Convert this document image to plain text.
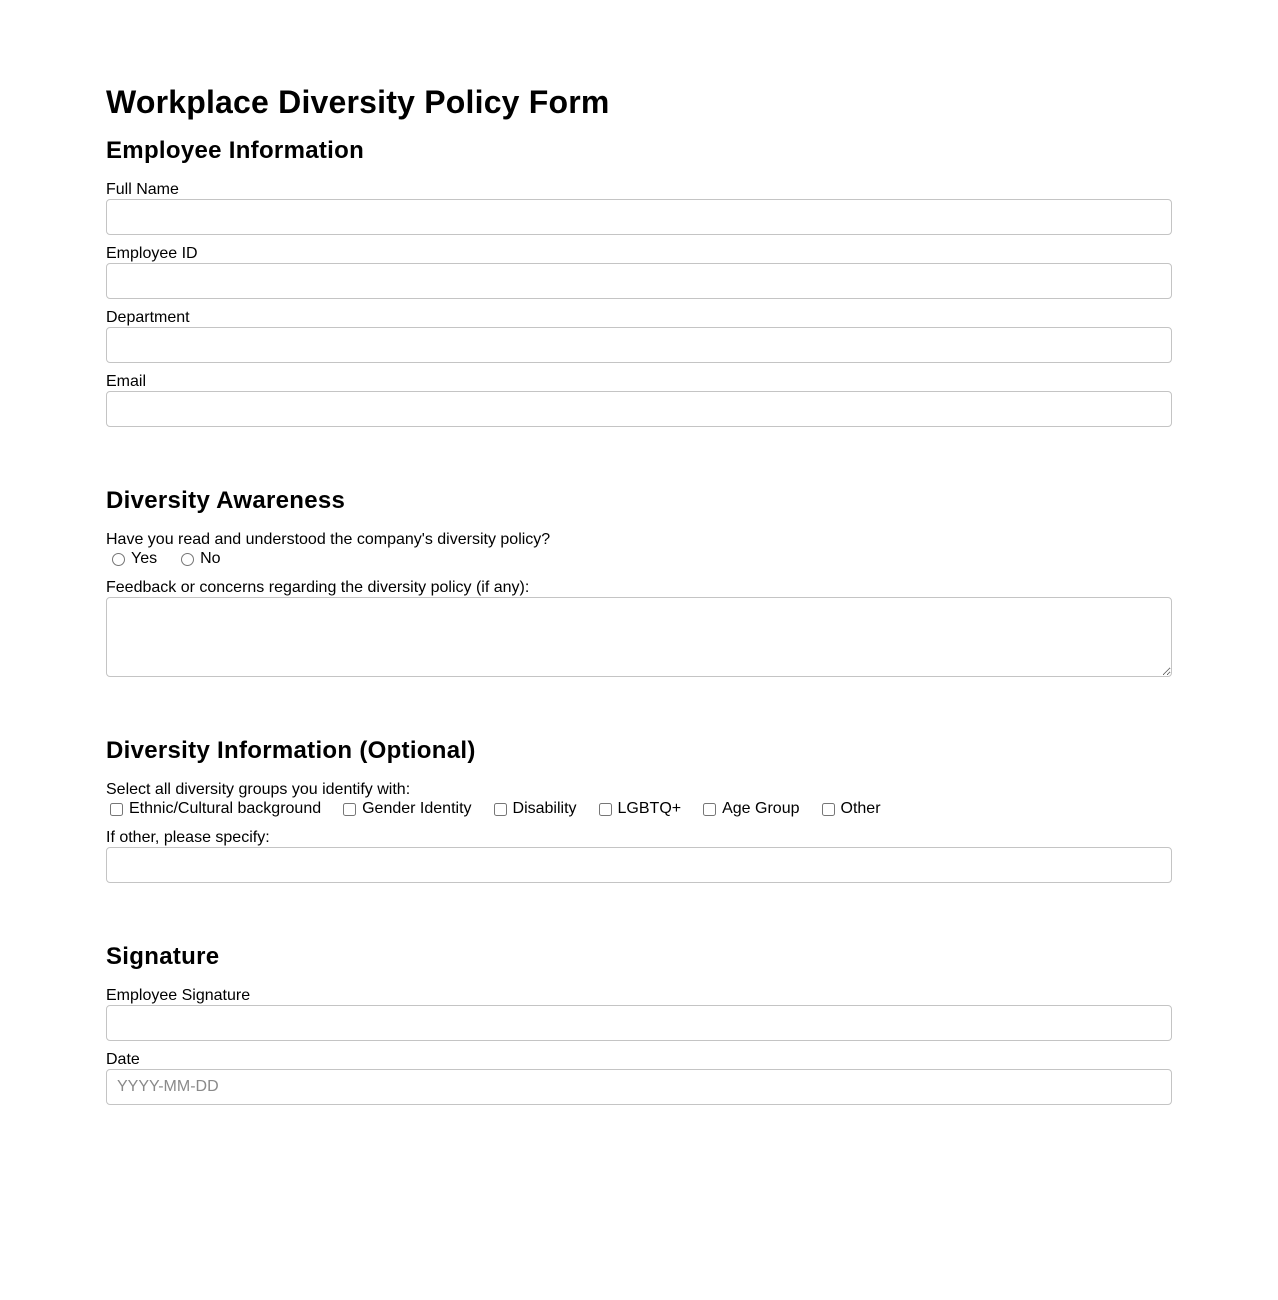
Workplace Diversity Policy Form
Employee Information
Full Name
Employee ID
Department
Email
Diversity Awareness
Have you read and understood the company's diversity policy?
Yes	No
Feedback or concerns regarding the diversity policy (if any):
Diversity Information (Optional)
Select all diversity groups you identify with:
Ethnic/Cultural background	Gender Identity	Disability	LGBTQ+	Age Group	Other
If other, please specify:
Signature
Employee Signature
Date
YYYY-MM-DD
